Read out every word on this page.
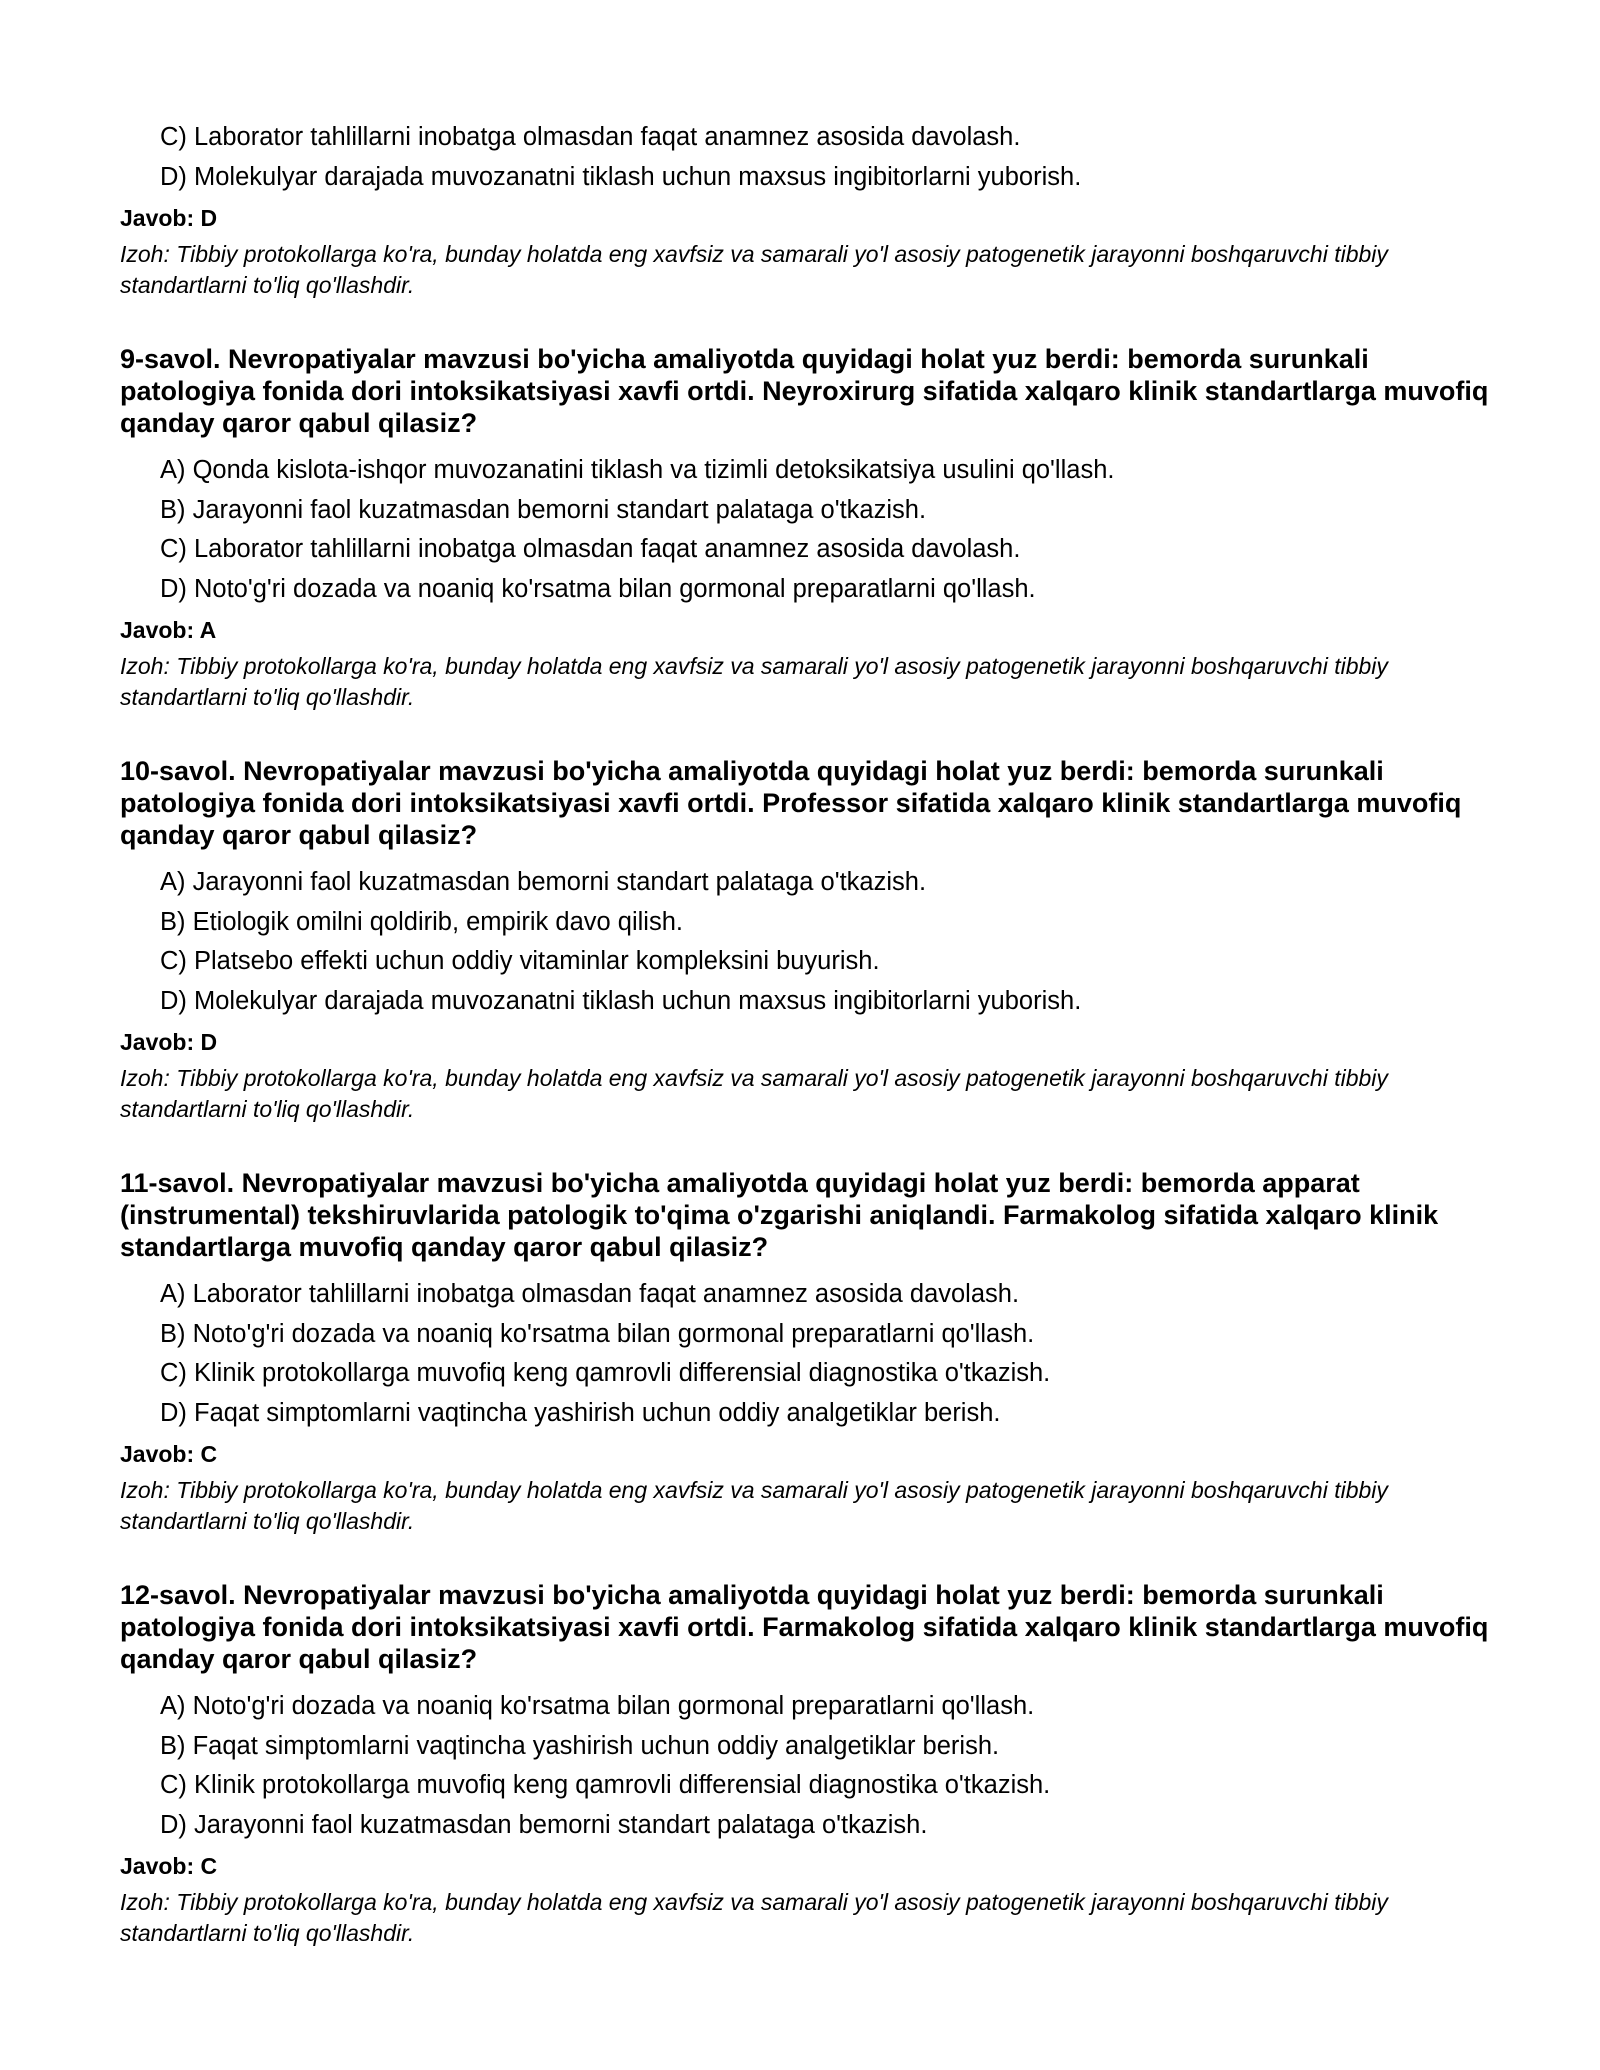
C) Laborator tahlillarni inobatga olmasdan faqat anamnez asosida davolash.
D) Molekulyar darajada muvozanatni tiklash uchun maxsus ingibitorlarni yuborish.
Javob: D
Izoh: Tibbiy protokollarga ko'ra, bunday holatda eng xavfsiz va samarali yo'l asosiy patogenetik jarayonni boshqaruvchi tibbiy standartlarni to'liq qo'llashdir.
9-savol. Nevropatiyalar mavzusi bo'yicha amaliyotda quyidagi holat yuz berdi: bemorda surunkali patologiya fonida dori intoksikatsiyasi xavfi ortdi. Neyroxirurg sifatida xalqaro klinik standartlarga muvofiq qanday qaror qabul qilasiz?
A) Qonda kislota-ishqor muvozanatini tiklash va tizimli detoksikatsiya usulini qo'llash.
B) Jarayonni faol kuzatmasdan bemorni standart palataga o'tkazish.
C) Laborator tahlillarni inobatga olmasdan faqat anamnez asosida davolash.
D) Noto'g'ri dozada va noaniq ko'rsatma bilan gormonal preparatlarni qo'llash.
Javob: A
Izoh: Tibbiy protokollarga ko'ra, bunday holatda eng xavfsiz va samarali yo'l asosiy patogenetik jarayonni boshqaruvchi tibbiy standartlarni to'liq qo'llashdir.
10-savol. Nevropatiyalar mavzusi bo'yicha amaliyotda quyidagi holat yuz berdi: bemorda surunkali patologiya fonida dori intoksikatsiyasi xavfi ortdi. Professor sifatida xalqaro klinik standartlarga muvofiq qanday qaror qabul qilasiz?
A) Jarayonni faol kuzatmasdan bemorni standart palataga o'tkazish.
B) Etiologik omilni qoldirib, empirik davo qilish.
C) Platsebo effekti uchun oddiy vitaminlar kompleksini buyurish.
D) Molekulyar darajada muvozanatni tiklash uchun maxsus ingibitorlarni yuborish.
Javob: D
Izoh: Tibbiy protokollarga ko'ra, bunday holatda eng xavfsiz va samarali yo'l asosiy patogenetik jarayonni boshqaruvchi tibbiy standartlarni to'liq qo'llashdir.
11-savol. Nevropatiyalar mavzusi bo'yicha amaliyotda quyidagi holat yuz berdi: bemorda apparat (instrumental) tekshiruvlarida patologik to'qima o'zgarishi aniqlandi. Farmakolog sifatida xalqaro klinik standartlarga muvofiq qanday qaror qabul qilasiz?
A) Laborator tahlillarni inobatga olmasdan faqat anamnez asosida davolash.
B) Noto'g'ri dozada va noaniq ko'rsatma bilan gormonal preparatlarni qo'llash.
C) Klinik protokollarga muvofiq keng qamrovli differensial diagnostika o'tkazish.
D) Faqat simptomlarni vaqtincha yashirish uchun oddiy analgetiklar berish.
Javob: C
Izoh: Tibbiy protokollarga ko'ra, bunday holatda eng xavfsiz va samarali yo'l asosiy patogenetik jarayonni boshqaruvchi tibbiy standartlarni to'liq qo'llashdir.
12-savol. Nevropatiyalar mavzusi bo'yicha amaliyotda quyidagi holat yuz berdi: bemorda surunkali patologiya fonida dori intoksikatsiyasi xavfi ortdi. Farmakolog sifatida xalqaro klinik standartlarga muvofiq qanday qaror qabul qilasiz?
A) Noto'g'ri dozada va noaniq ko'rsatma bilan gormonal preparatlarni qo'llash.
B) Faqat simptomlarni vaqtincha yashirish uchun oddiy analgetiklar berish.
C) Klinik protokollarga muvofiq keng qamrovli differensial diagnostika o'tkazish.
D) Jarayonni faol kuzatmasdan bemorni standart palataga o'tkazish.
Javob: C
Izoh: Tibbiy protokollarga ko'ra, bunday holatda eng xavfsiz va samarali yo'l asosiy patogenetik jarayonni boshqaruvchi tibbiy standartlarni to'liq qo'llashdir.
